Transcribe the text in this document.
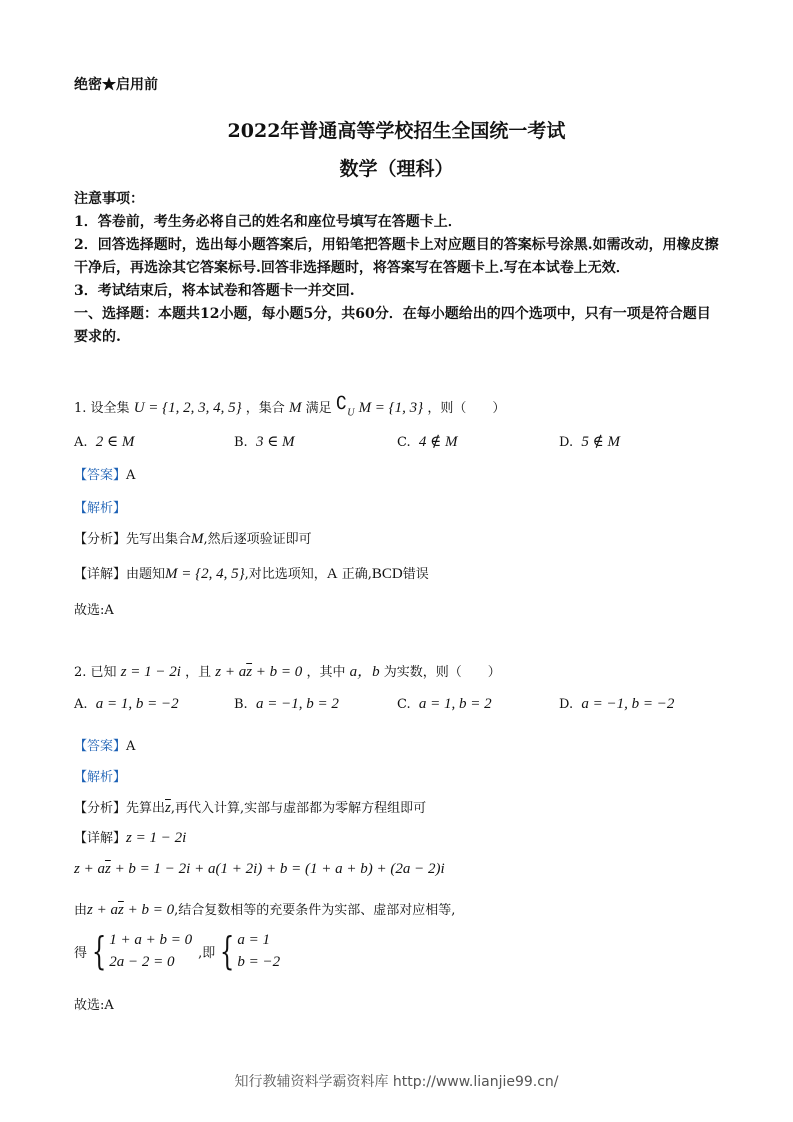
绝密★启用前
2022年普通高等学校招生全国统一考试
数学（理科）

注意事项：

1．答卷前，考生务必将自己的姓名和座位号填写在答题卡上．

2．回答选择题时，选出每小题答案后，用铅笔把答题卡上对应题目的答案标号涂黑.如需改动，用橡皮擦干净后，再选涂其它答案标号.回答非选择题时，将答案写在答题卡上.写在本试卷上无效．

3．考试结束后，将本试卷和答题卡一并交回.

一、选择题：本题共12小题，每小题5分，共60分．在每小题给出的四个选项中，只有一项是符合题目要求的.

1. 设全集 U = {1, 2, 3, 4, 5} ，集合 M 满足 $∁_U$ M = {1, 3} ，则（　　）
A. 2 ∈ M	B. 3 ∈ M	C. 4 ∉ M	D. 5 ∉ M
【答案】A
【解析】
【分析】先写出集合M,然后逐项验证即可
【详解】由题知M = {2, 4, 5},对比选项知，A 正确,BCD错误
故选:A
2. 已知 z = 1 − 2i ，且 $z + a\overline{z} + b = 0$ ，其中 a，b 为实数，则（　　）
A. a = 1, b = −2	B. a = −1, b = 2	C. a = 1, b = 2	D. a = −1, b = −2
【答案】A
【解析】
【分析】先算出$\overline{z}$,再代入计算,实部与虚部都为零解方程组即可
【详解】z = 1 − 2i
$z + a\overline{z} + b = 1 - 2i + a(1 + 2i) + b = (1 + a + b) + (2a - 2)i$
由$z + a\overline{z} + b = 0$,结合复数相等的充要条件为实部、虚部对应相等,
得 { 1 + a + b = 0
2a − 2 = 0
,即 { a = 1
b = −2
故选:A
知行教辅资料学霸资料库 http://www.lianjie99.cn/
